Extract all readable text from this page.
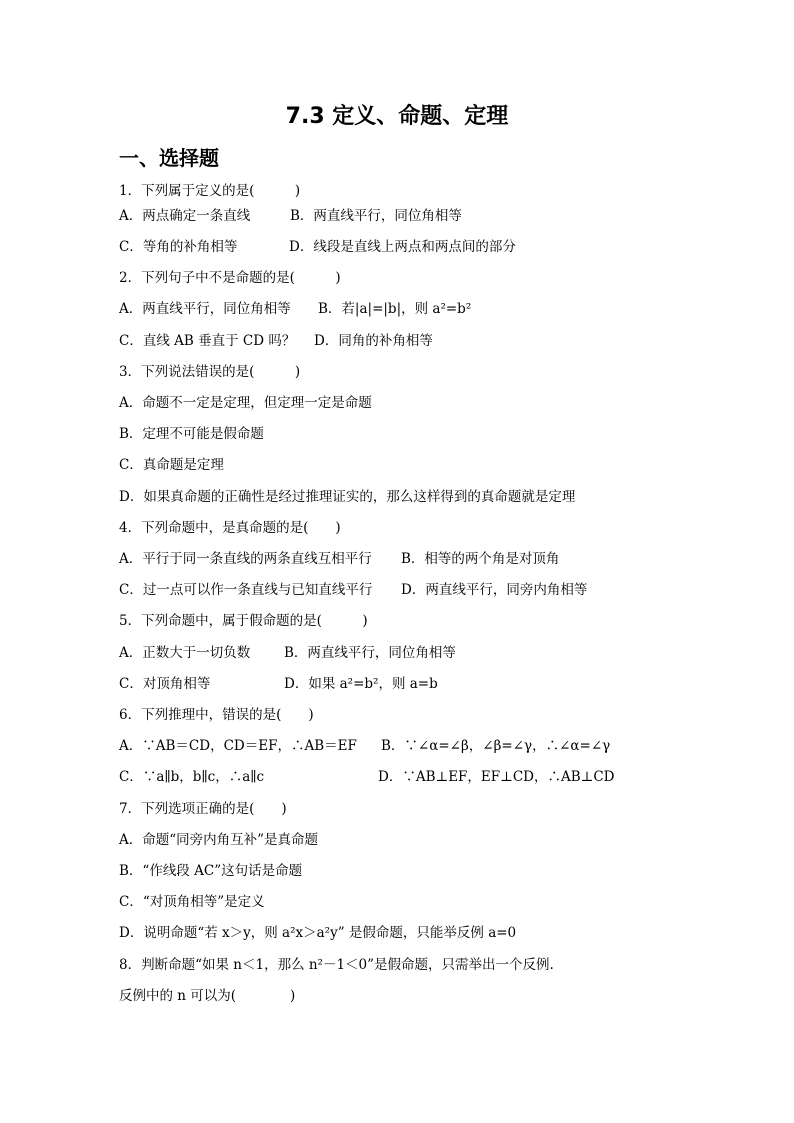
7.3 定义、命题、定理
一、选择题
1．下列属于定义的是(　　　)
A．两点确定一条直线	B．两直线平行，同位角相等
C．等角的补角相等	D．线段是直线上两点和两点间的部分
2．下列句子中不是命题的是(　　　)
A．两直线平行，同位角相等 B．若|a|=|b|，则 a²=b²
C．直线 AB 垂直于 CD 吗？ D．同角的补角相等
3．下列说法错误的是(　　　)
A．命题不一定是定理，但定理一定是命题
B．定理不可能是假命题
C．真命题是定理
D．如果真命题的正确性是经过推理证实的，那么这样得到的真命题就是定理
4．下列命题中，是真命题的是(　　)
A．平行于同一条直线的两条直线互相平行 B．相等的两个角是对顶角
C．过一点可以作一条直线与已知直线平行 D．两直线平行，同旁内角相等
5．下列命题中，属于假命题的是(　　　)
A．正数大于一切负数	B．两直线平行，同位角相等
C．对顶角相等	D．如果 a²=b²，则 a=b
6．下列推理中，错误的是(　　)
A．∵AB＝CD，CD＝EF，∴AB＝EF B．∵∠α=∠β，∠β=∠γ，∴∠α=∠γ
C．∵a∥b，b∥c，∴a∥c	D．∵AB⊥EF，EF⊥CD，∴AB⊥CD
7．下列选项正确的是(　　)
A．命题“同旁内角互补”是真命题
B．“作线段 AC”这句话是命题
C．“对顶角相等”是定义
D．说明命题“若 x＞y，则 a²x＞a²y” 是假命题，只能举反例 a=0
8．判断命题“如果 n＜1，那么 n²－1＜0”是假命题，只需举出一个反例.
反例中的 n 可以为(　　　　)
